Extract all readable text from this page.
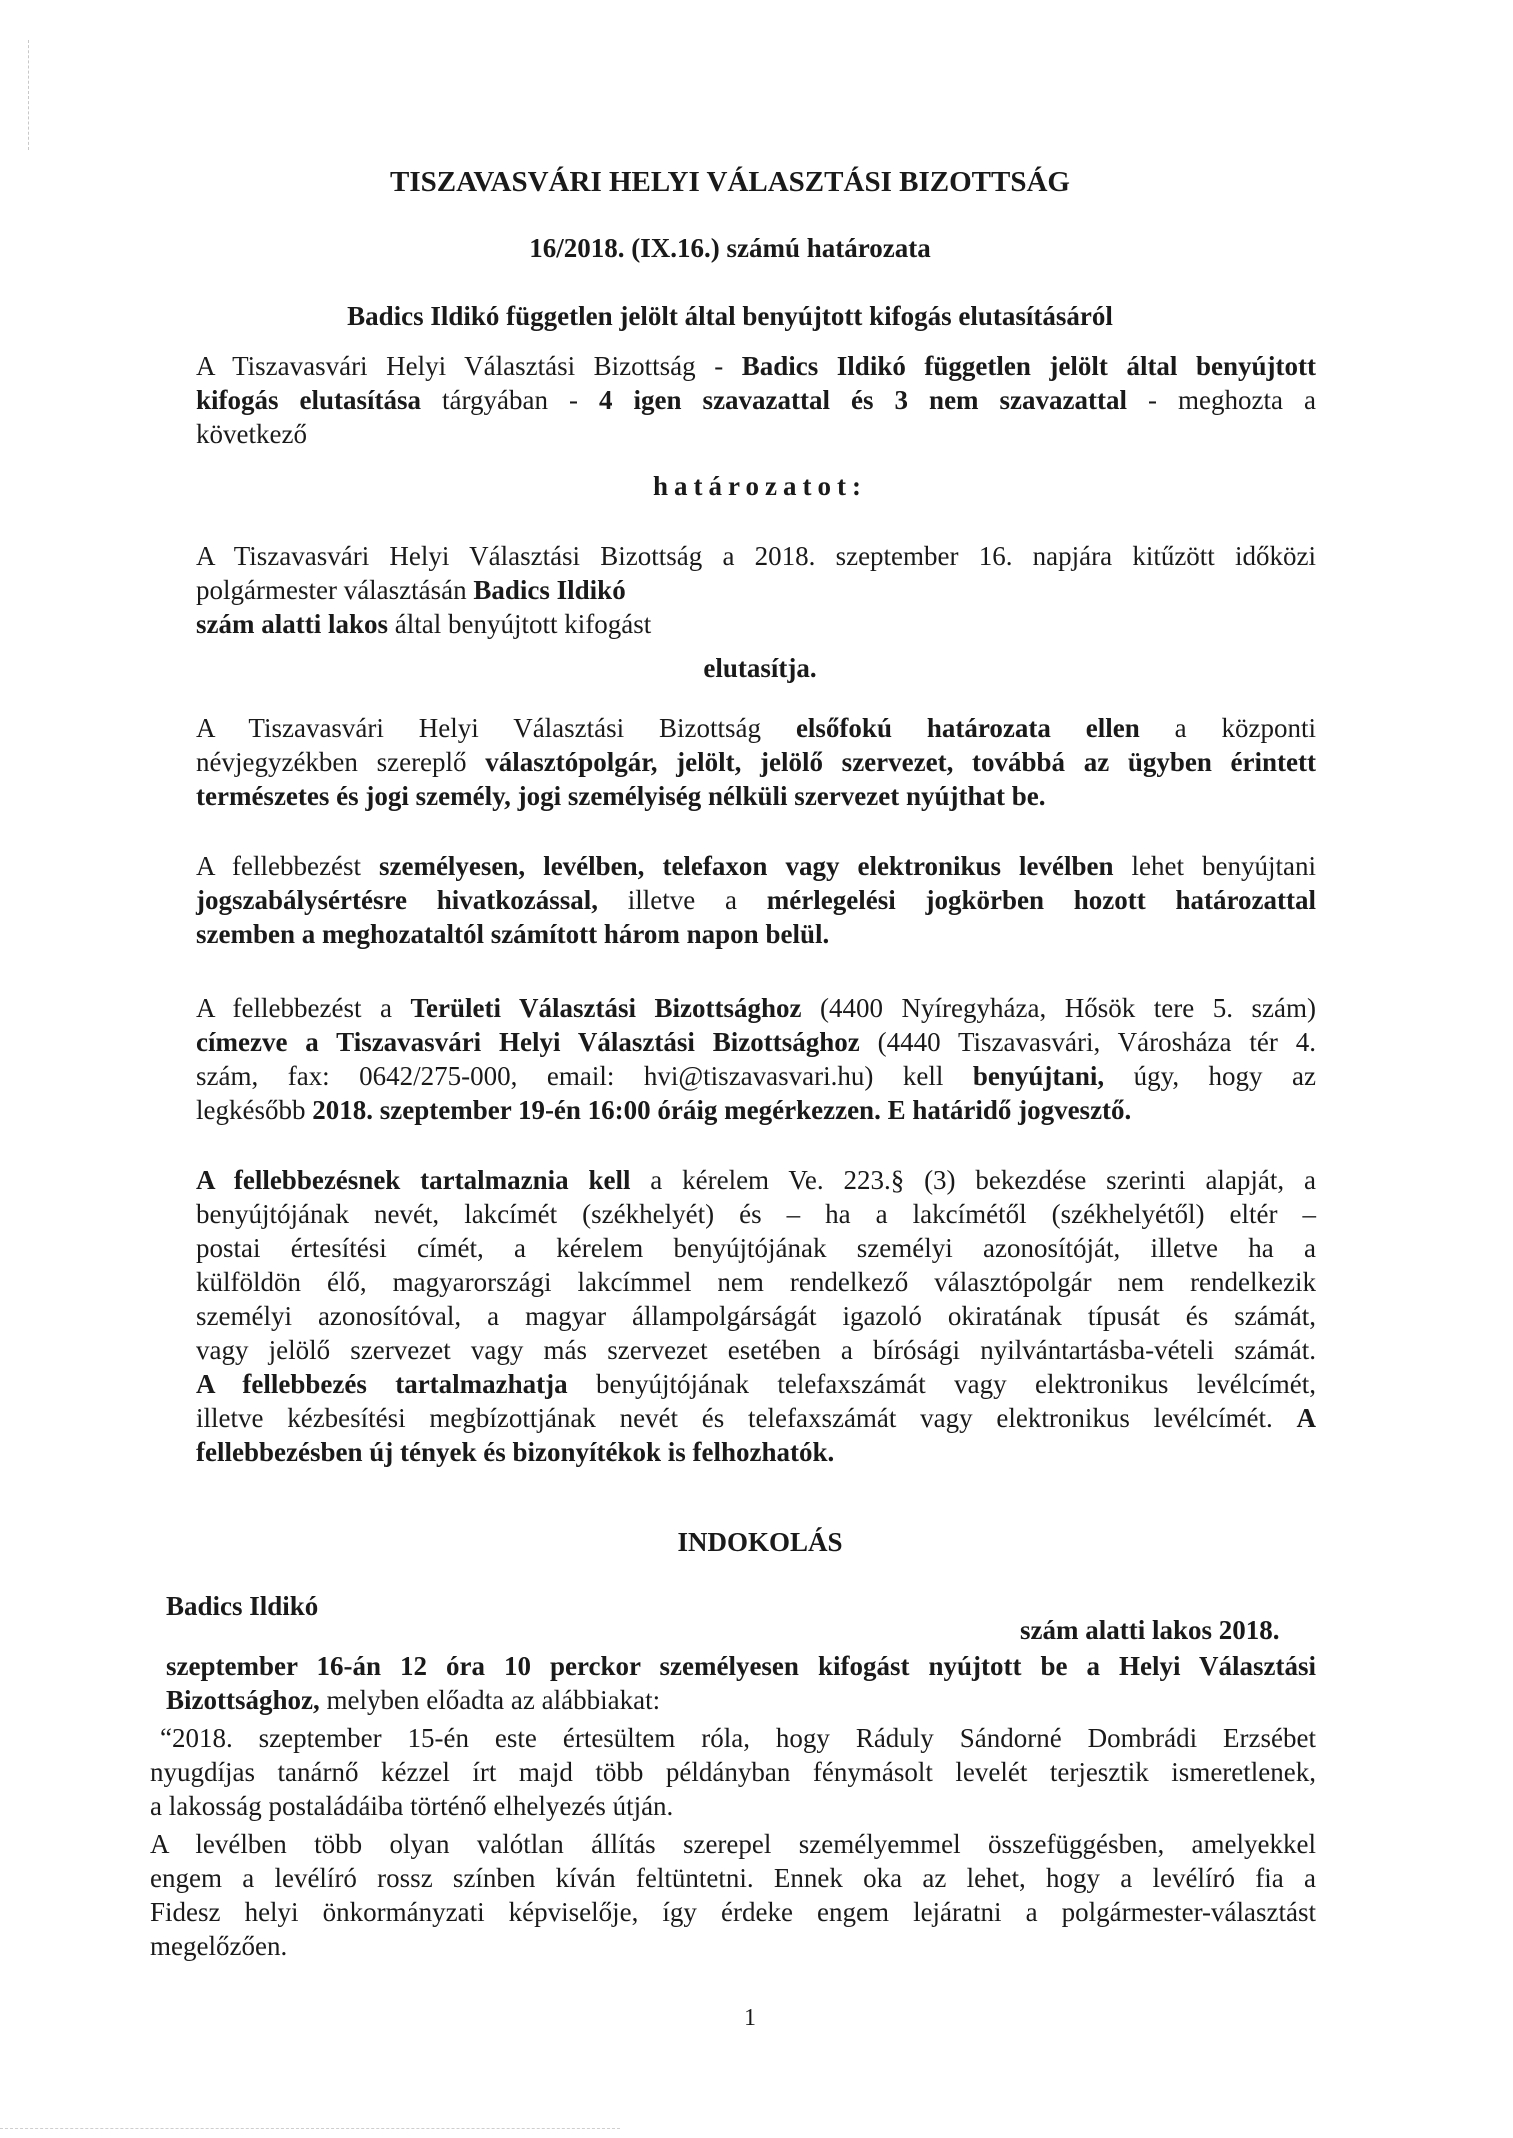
TISZAVASVÁRI HELYI VÁLASZTÁSI BIZOTTSÁG
16/2018. (IX.16.) számú határozata
Badics Ildikó független jelölt által benyújtott kifogás elutasításáról
A Tiszavasvári Helyi Választási Bizottság - Badics Ildikó független jelölt által benyújtott
kifogás elutasítása tárgyában - 4 igen szavazattal és 3 nem szavazattal - meghozta a
következő
határozatot:
A Tiszavasvári Helyi Választási Bizottság a 2018. szeptember 16. napjára kitűzött időközi
polgármester választásán Badics Ildikó
szám alatti lakos által benyújtott kifogást
elutasítja.
A Tiszavasvári Helyi Választási Bizottság elsőfokú határozata ellen a központi
névjegyzékben szereplő választópolgár, jelölt, jelölő szervezet, továbbá az ügyben érintett
természetes és jogi személy, jogi személyiség nélküli szervezet nyújthat be.
A fellebbezést személyesen, levélben, telefaxon vagy elektronikus levélben lehet benyújtani
jogszabálysértésre hivatkozással, illetve a mérlegelési jogkörben hozott határozattal
szemben a meghozataltól számított három napon belül.
A fellebbezést a Területi Választási Bizottsághoz (4400 Nyíregyháza, Hősök tere 5. szám)
címezve a Tiszavasvári Helyi Választási Bizottsághoz (4440 Tiszavasvári, Városháza tér 4.
szám, fax: 0642/275-000, email: hvi@tiszavasvari.hu) kell benyújtani, úgy, hogy az
legkésőbb 2018. szeptember 19-én 16:00 óráig megérkezzen. E határidő jogvesztő.
A fellebbezésnek tartalmaznia kell a kérelem Ve. 223.§ (3) bekezdése szerinti alapját, a
benyújtójának nevét, lakcímét (székhelyét) és – ha a lakcímétől (székhelyétől) eltér –
postai értesítési címét, a kérelem benyújtójának személyi azonosítóját, illetve ha a
külföldön élő, magyarországi lakcímmel nem rendelkező választópolgár nem rendelkezik
személyi azonosítóval, a magyar állampolgárságát igazoló okiratának típusát és számát,
vagy jelölő szervezet vagy más szervezet esetében a bírósági nyilvántartásba-vételi számát.
A fellebbezés tartalmazhatja benyújtójának telefaxszámát vagy elektronikus levélcímét,
illetve kézbesítési megbízottjának nevét és telefaxszámát vagy elektronikus levélcímét. A
fellebbezésben új tények és bizonyítékok is felhozhatók.
INDOKOLÁS
Badics Ildikó
szám alatti lakos 2018.
szeptember 16-án 12 óra 10 perckor személyesen kifogást nyújtott be a Helyi Választási
Bizottsághoz, melyben előadta az alábbiakat:
“2018. szeptember 15-én este értesültem róla, hogy Ráduly Sándorné Dombrádi Erzsébet
nyugdíjas tanárnő kézzel írt majd több példányban fénymásolt levelét terjesztik ismeretlenek,
a lakosság postaládáiba történő elhelyezés útján.
A levélben több olyan valótlan állítás szerepel személyemmel összefüggésben, amelyekkel
engem a levélíró rossz színben kíván feltüntetni. Ennek oka az lehet, hogy a levélíró fia a
Fidesz helyi önkormányzati képviselője, így érdeke engem lejáratni a polgármester-választást
megelőzően.
1
